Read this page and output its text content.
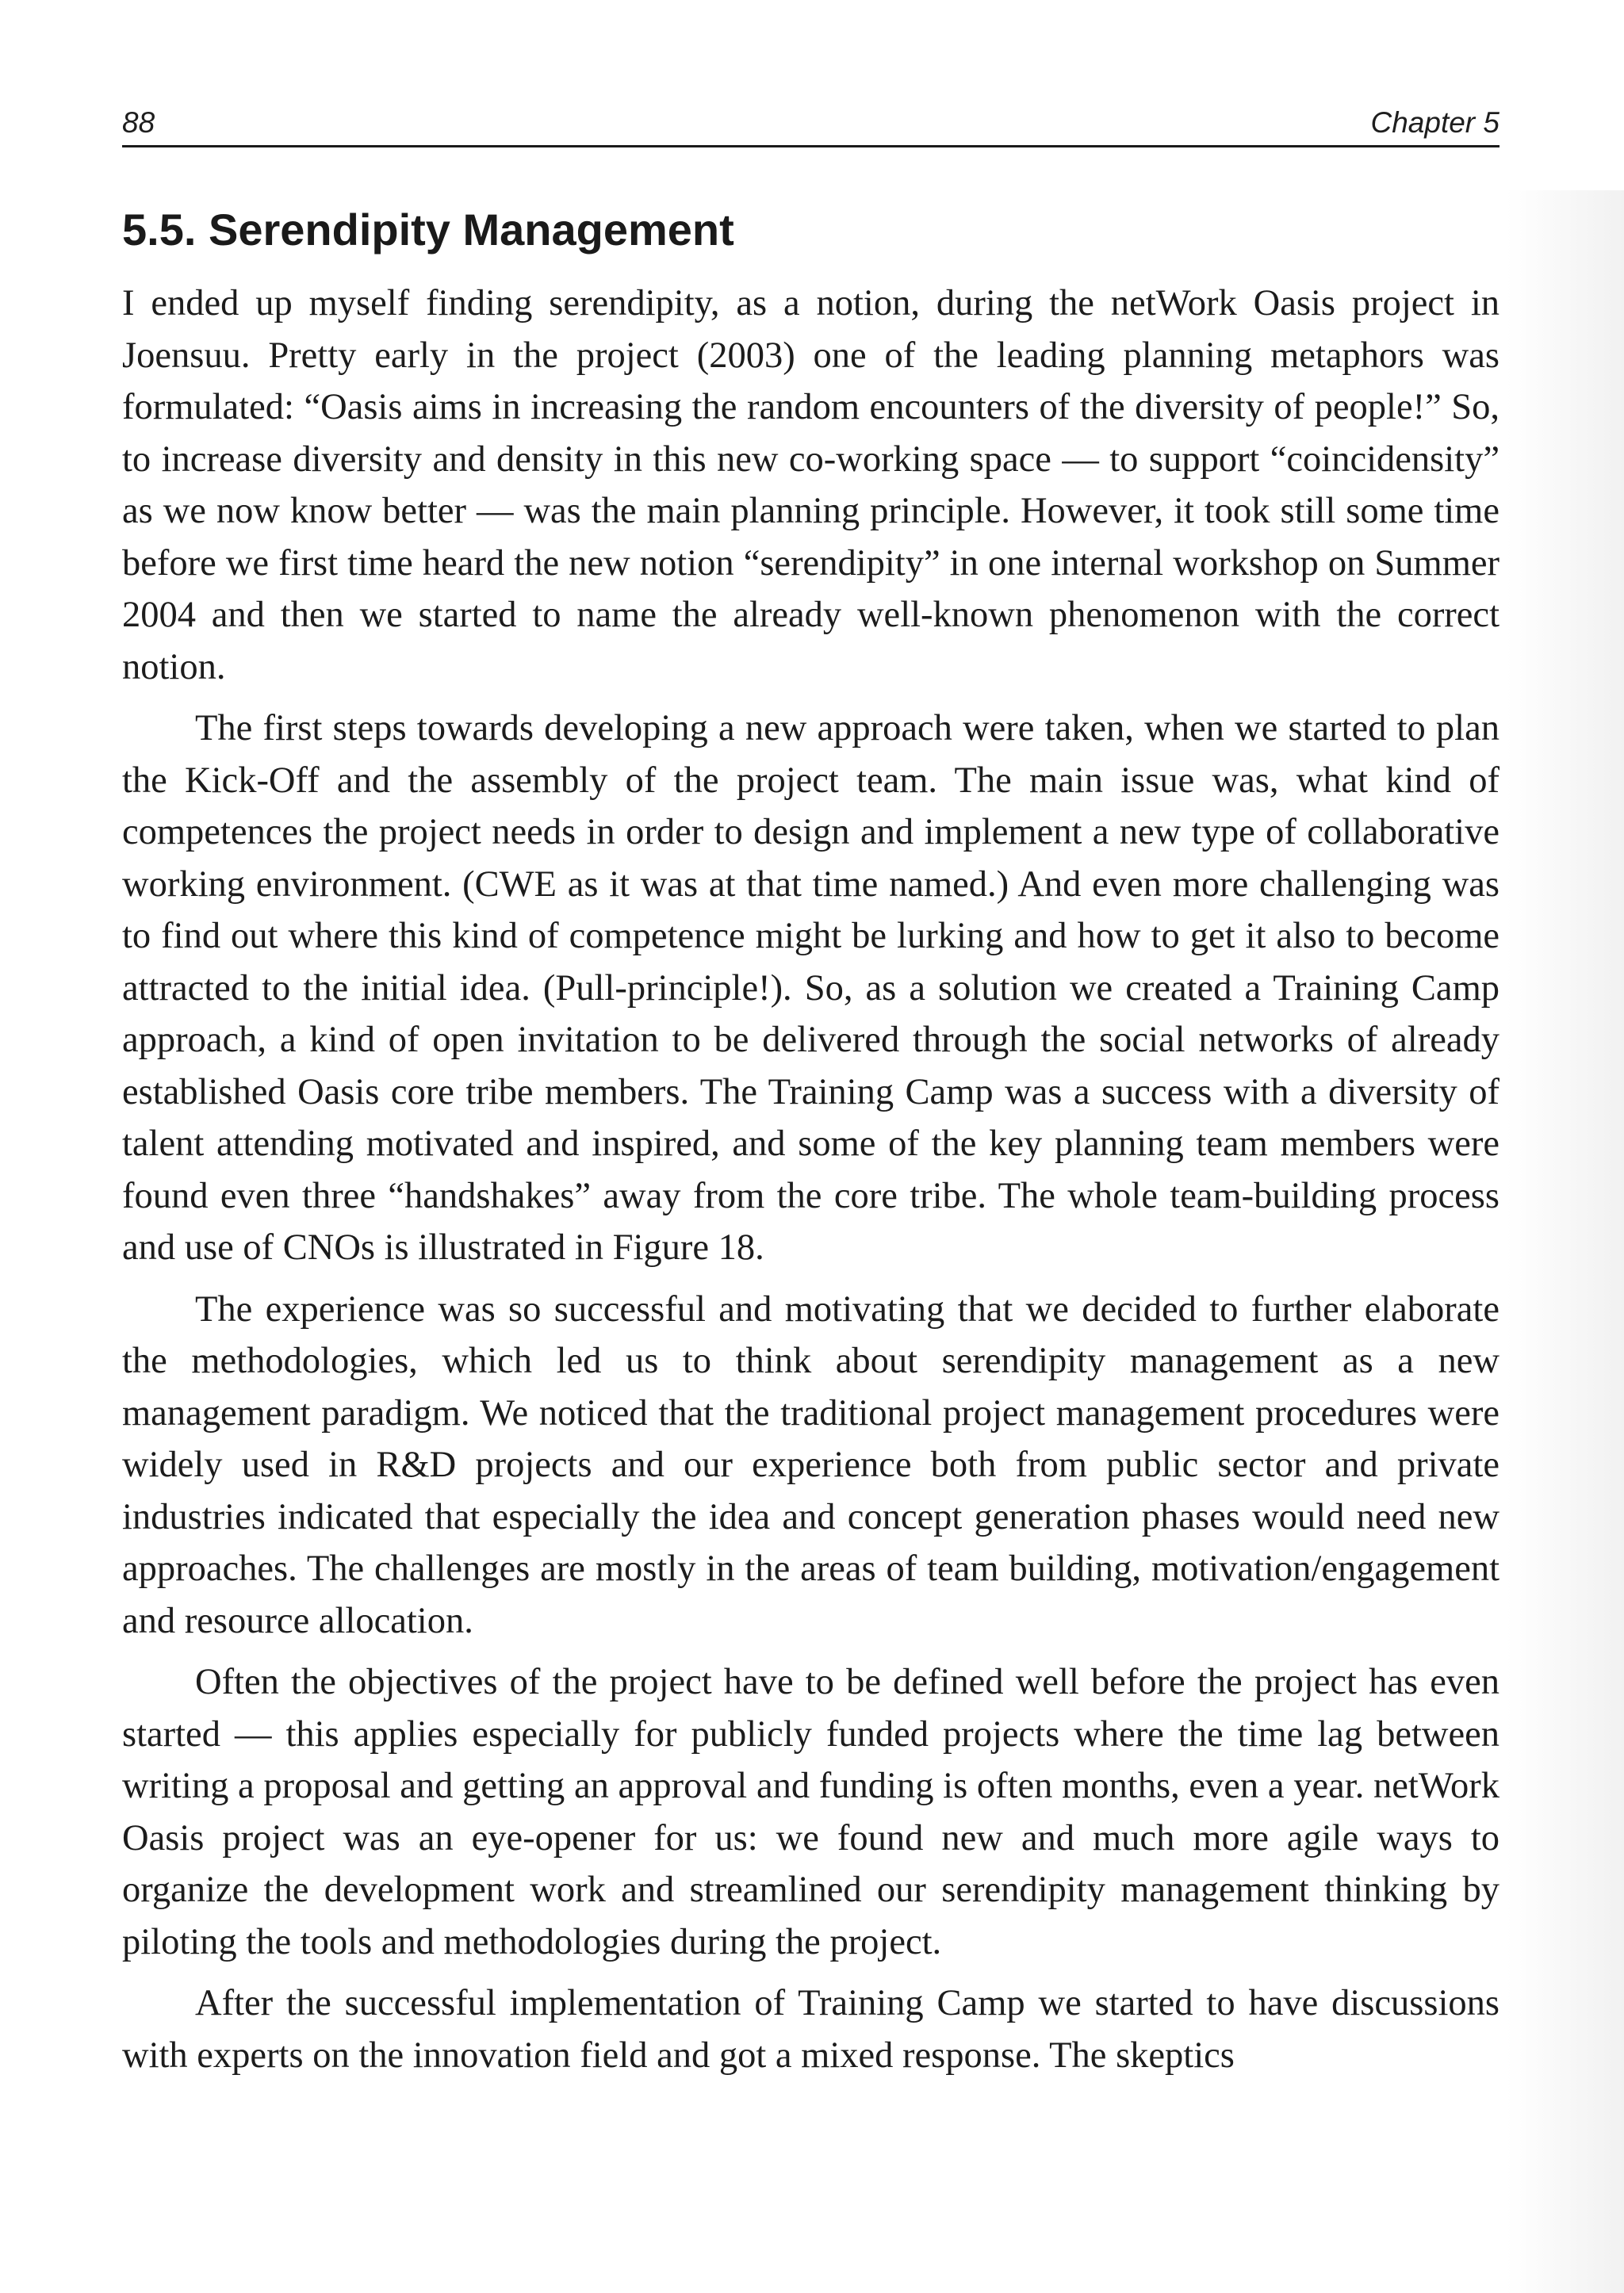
88	Chapter 5
5.5. Serendipity Management

I ended up myself finding serendipity, as a notion, during the netWork Oasis project in Joensuu. Pretty early in the project (2003) one of the leading planning metaphors was formulated: “Oasis aims in increasing the random encounters of the diversity of people!” So, to increase diversity and density in this new co-working space — to support “coincidensity” as we now know better — was the main planning principle. However, it took still some time before we first time heard the new notion “serendipity” in one internal workshop on Summer 2004 and then we started to name the already well-known phenomenon with the correct notion.

The first steps towards developing a new approach were taken, when we started to plan the Kick-Off and the assembly of the project team. The main issue was, what kind of competences the project needs in order to design and implement a new type of collaborative working environment. (CWE as it was at that time named.) And even more challenging was to find out where this kind of competence might be lurking and how to get it also to become attracted to the initial idea. (Pull-principle!). So, as a solution we created a Training Camp approach, a kind of open invitation to be delivered through the social networks of already established Oasis core tribe members. The Training Camp was a success with a diversity of talent attending motivated and inspired, and some of the key planning team members were found even three “handshakes” away from the core tribe. The whole team-building process and use of CNOs is illustrated in Figure 18.

The experience was so successful and motivating that we decided to further elaborate the methodologies, which led us to think about serendipity management as a new management paradigm. We noticed that the traditional project management procedures were widely used in R&D projects and our experience both from public sector and private industries indicated that especially the idea and concept generation phases would need new approaches. The challenges are mostly in the areas of team building, motivation/engagement and resource allocation.

Often the objectives of the project have to be defined well before the project has even started — this applies especially for publicly funded projects where the time lag between writing a proposal and getting an approval and funding is often months, even a year. netWork Oasis project was an eye-opener for us: we found new and much more agile ways to organize the development work and streamlined our serendipity management thinking by piloting the tools and methodologies during the project.

After the successful implementation of Training Camp we started to have discussions with experts on the innovation field and got a mixed response. The skeptics
